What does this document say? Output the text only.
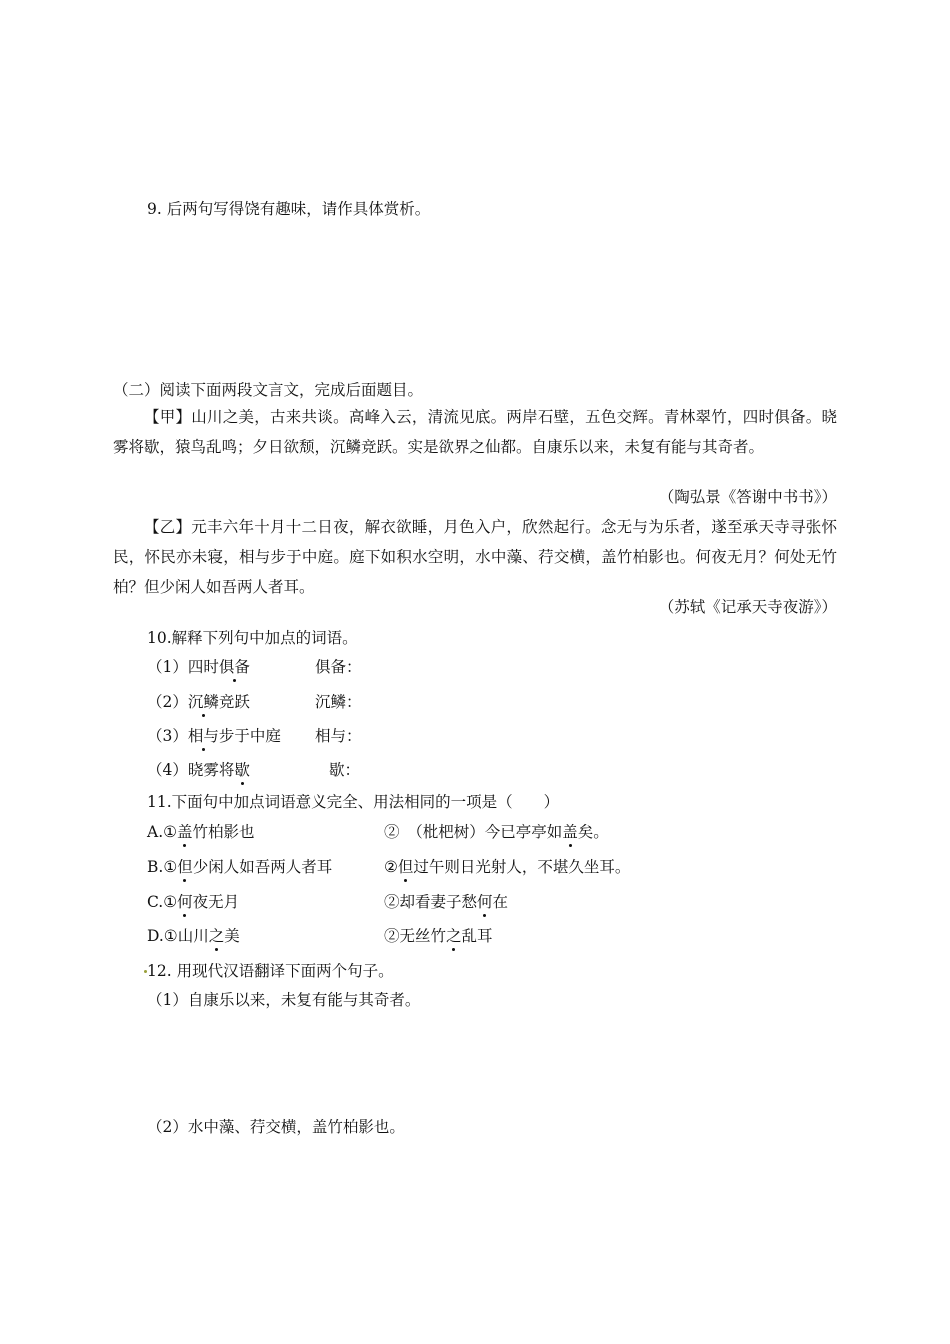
9. 后两句写得饶有趣味，请作具体赏析。
（二）阅读下面两段文言文，完成后面题目。
【甲】山川之美，古来共谈。高峰入云，清流见底。两岸石壁，五色交辉。青林翠竹，四时俱备。晓雾将歇，猿鸟乱鸣；夕日欲颓，沉鳞竞跃。实是欲界之仙都。自康乐以来，未复有能与其奇者。
（陶弘景《答谢中书书》）
【乙】元丰六年十月十二日夜，解衣欲睡，月色入户，欣然起行。念无与为乐者，遂至承天寺寻张怀民，怀民亦未寝，相与步于中庭。庭下如积水空明，水中藻、荇交横，盖竹柏影也。何夜无月？何处无竹柏？但少闲人如吾两人者耳。
（苏轼《记承天寺夜游》）
10.解释下列句中加点的词语。
（1）四时俱备	俱备：
（2）沉鳞竞跃	沉鳞：
（3）相与步于中庭 相与：
（4）晓雾将歇	歇：
11.下面句中加点词语意义完全、用法相同的一项是（　　）
A.①盖竹柏影也	②　（枇杷树）今已亭亭如盖矣。
B.①但少闲人如吾两人者耳	②但过午则日光射人，不堪久坐耳。
C.①何夜无月	②却看妻子愁何在
D.①山川之美	②无丝竹之乱耳
12. 用现代汉语翻译下面两个句子。
（1）自康乐以来，未复有能与其奇者。
（2）水中藻、荇交横，盖竹柏影也。
